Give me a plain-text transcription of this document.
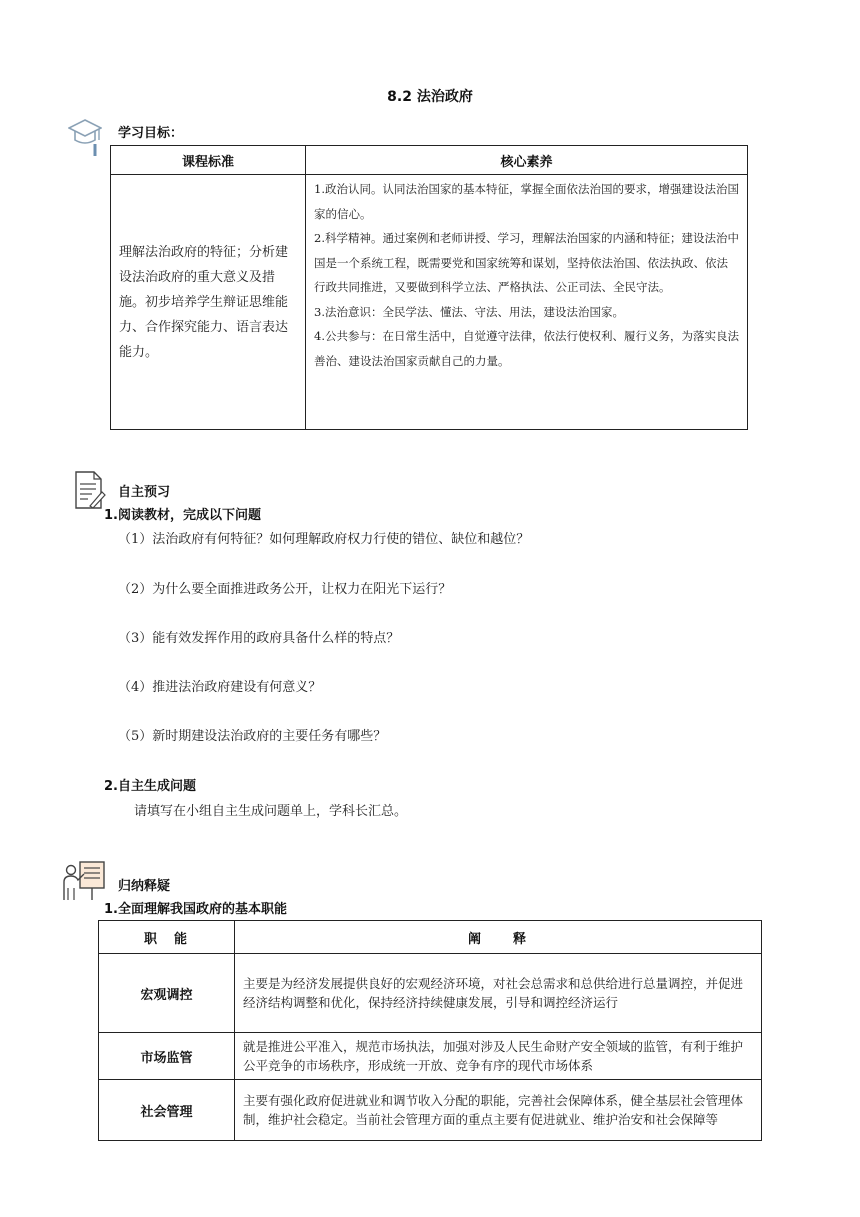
8.2 法治政府
学习目标：
课程标准	核心素养
理解法治政府的特征；分析建设法治政府的重大意义及措施。初步培养学生辩证思维能力、合作探究能力、语言表达能力。	1.政治认同。认同法治国家的基本特征，掌握全面依法治国的要求，增强建设法治国家的信心。

2.科学精神。通过案例和老师讲授、学习，理解法治国家的内涵和特征；建设法治中国是一个系统工程，既需要党和国家统筹和谋划，坚持依法治国、依法执政、依法行政共同推进，又要做到科学立法、严格执法、公正司法、全民守法。

3.法治意识：全民学法、懂法、守法、用法，建设法治国家。

4.公共参与：在日常生活中，自觉遵守法律，依法行使权利、履行义务，为落实良法善治、建设法治国家贡献自己的力量。

自主预习
1.阅读教材，完成以下问题
（1）法治政府有何特征？如何理解政府权力行使的错位、缺位和越位？
（2）为什么要全面推进政务公开，让权力在阳光下运行？
（3）能有效发挥作用的政府具备什么样的特点？
（4）推进法治政府建设有何意义？
（5）新时期建设法治政府的主要任务有哪些？
2.自主生成问题
请填写在小组自主生成问题单上，学科长汇总。
归纳释疑
1.全面理解我国政府的基本职能
职　能	阐　　释
宏观调控	主要是为经济发展提供良好的宏观经济环境，对社会总需求和总供给进行总量调控，并促进经济结构调整和优化，保持经济持续健康发展，引导和调控经济运行
市场监管	就是推进公平准入，规范市场执法，加强对涉及人民生命财产安全领域的监管，有利于维护公平竞争的市场秩序，形成统一开放、竞争有序的现代市场体系
社会管理	主要有强化政府促进就业和调节收入分配的职能，完善社会保障体系，健全基层社会管理体制，维护社会稳定。当前社会管理方面的重点主要有促进就业、维护治安和社会保障等
